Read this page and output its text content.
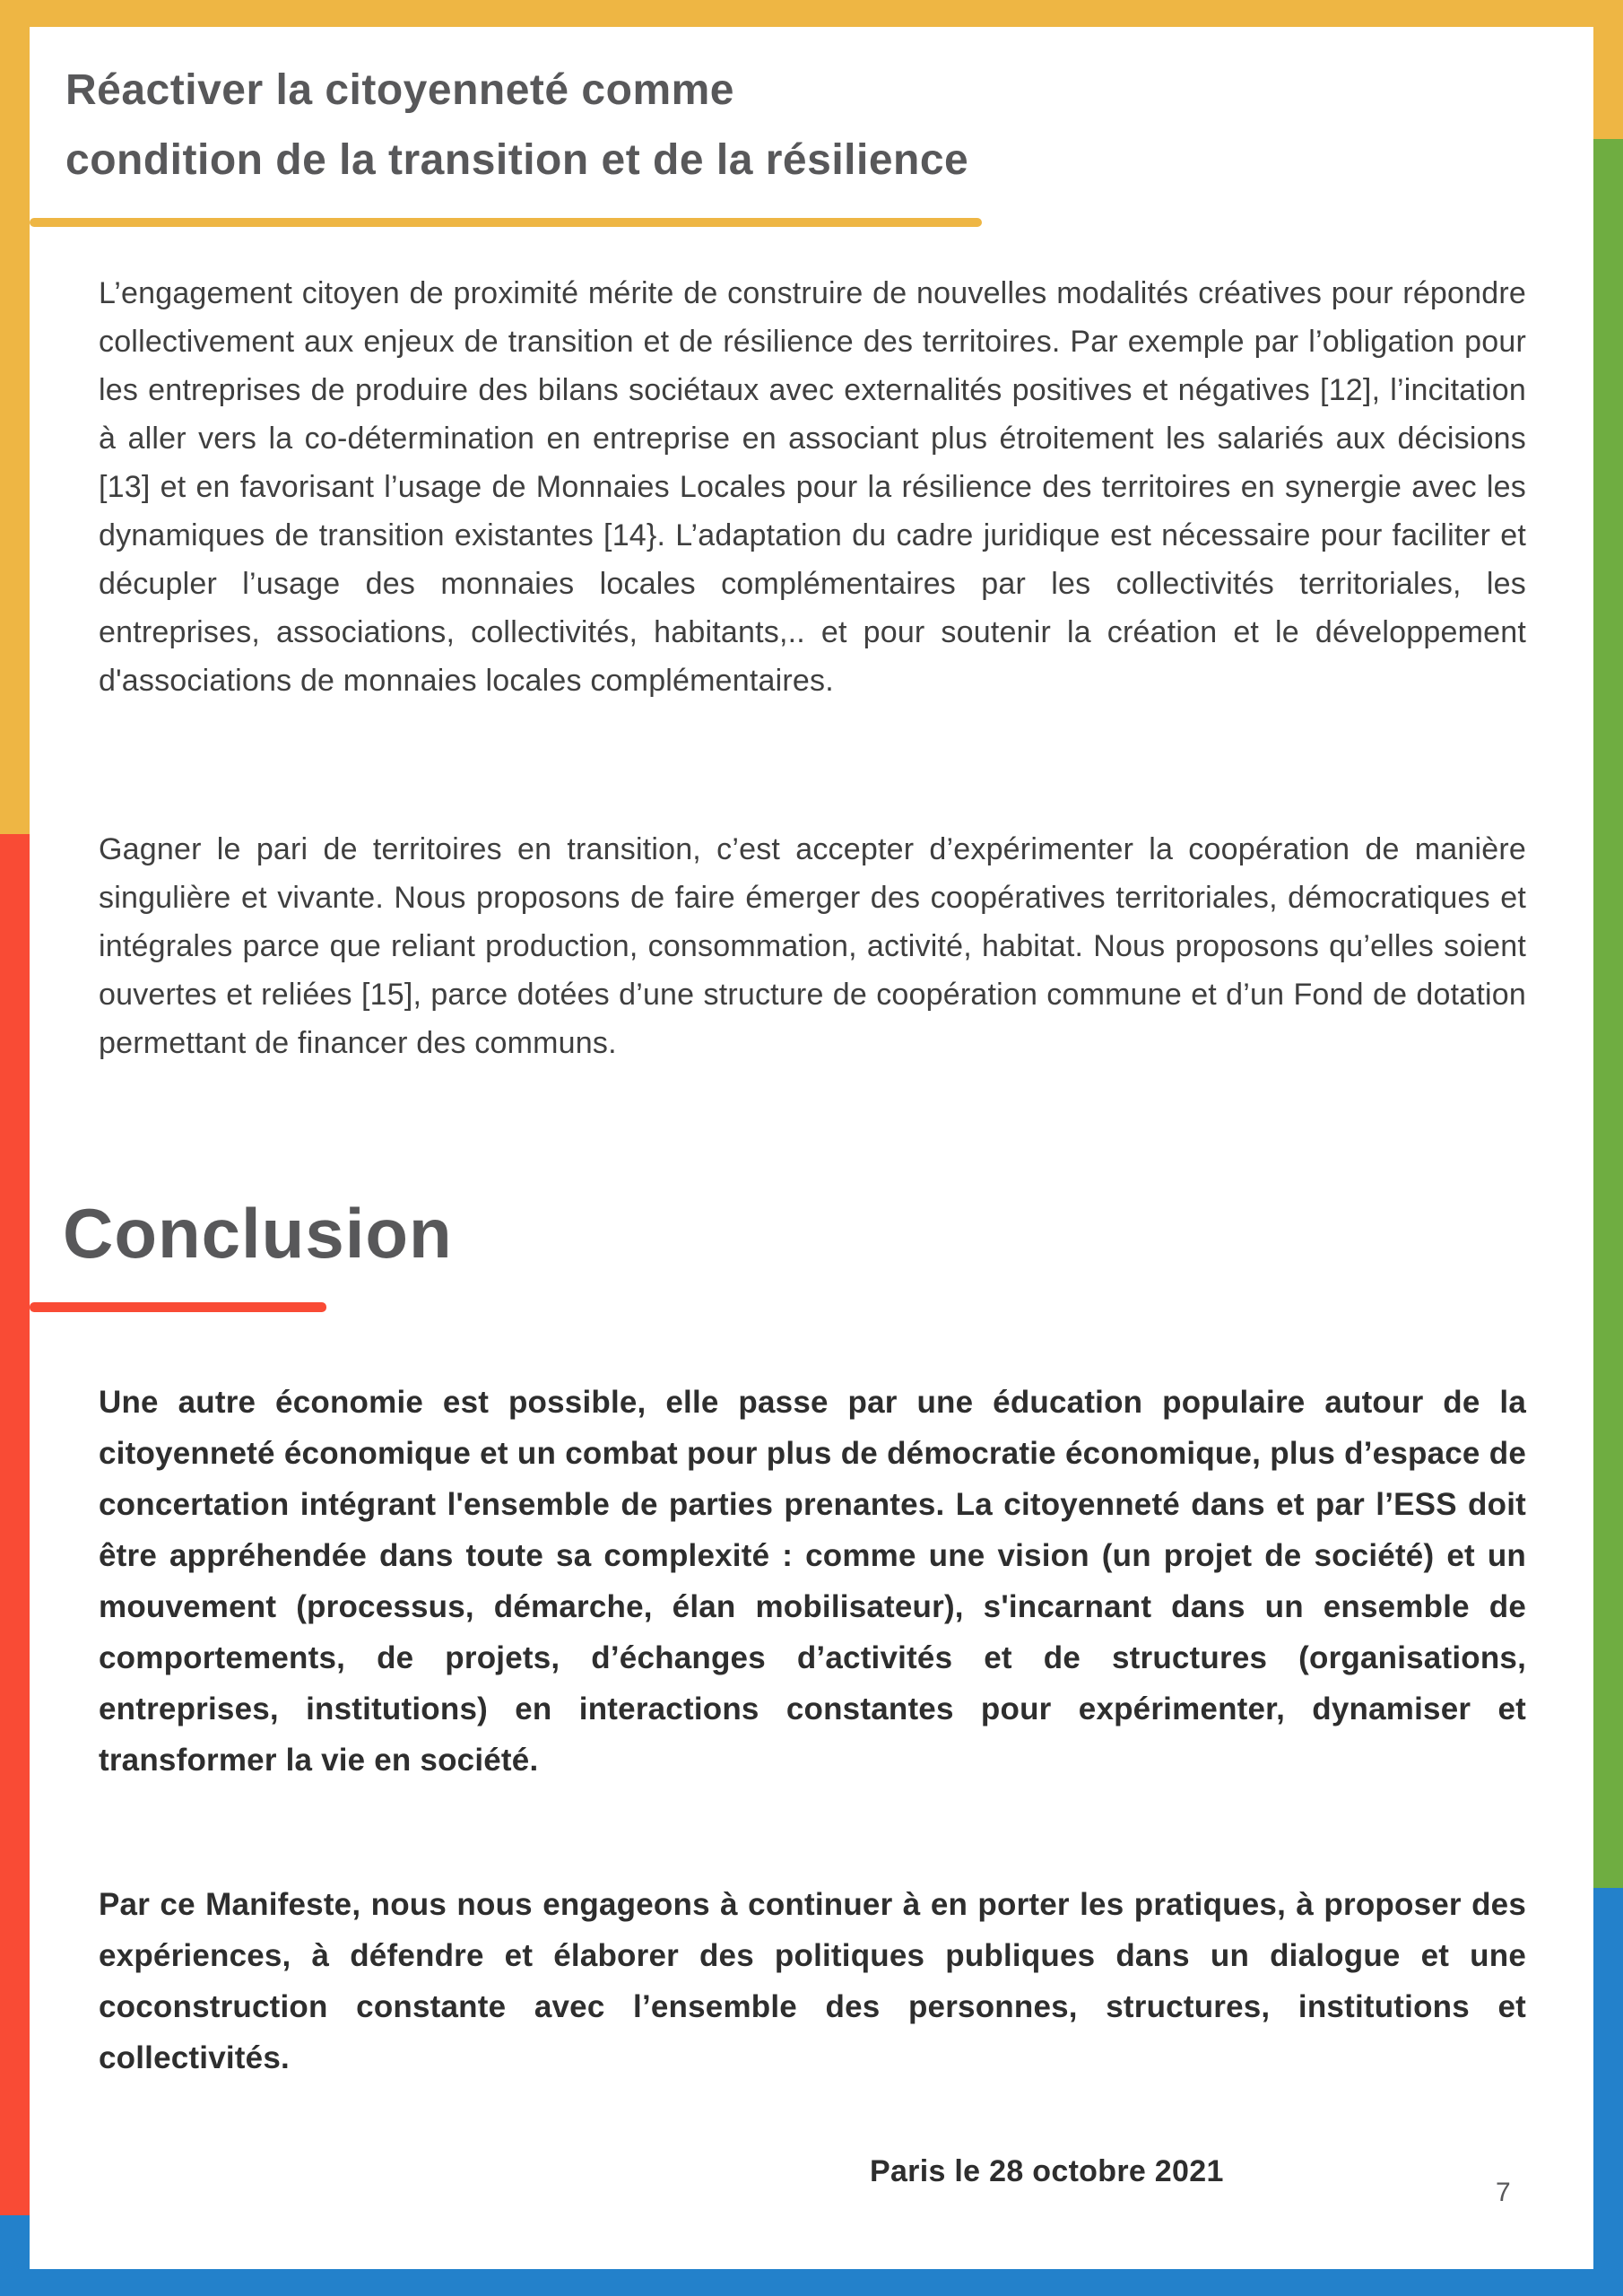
Réactiver la citoyenneté comme
condition de la transition et de la résilience

L’engagement citoyen de proximité mérite de construire de nouvelles modalités créatives pour répondre collectivement aux enjeux de transition et de résilience des territoires. Par exemple par l’obligation pour les entreprises de produire des bilans sociétaux avec externalités positives et négatives [12], l’incitation à aller vers la co-détermination en entreprise en associant plus étroitement les salariés aux décisions [13] et en favorisant l’usage de Monnaies Locales pour la résilience des territoires en synergie avec les dynamiques de transition existantes [14}. L’adaptation du cadre juridique est nécessaire pour faciliter et décupler l’usage des monnaies locales complémentaires par les collectivités territoriales, les entreprises, associations, collectivités, habitants,.. et pour soutenir la création et le développement d'associations de monnaies locales complémentaires.

Gagner le pari de territoires en transition, c’est accepter d’expérimenter la coopération de manière singulière et vivante. Nous proposons de faire émerger des coopératives territoriales, démocratiques et intégrales parce que reliant production, consommation, activité, habitat. Nous proposons qu’elles soient ouvertes et reliées [15], parce dotées d’une structure de coopération commune et d’un Fond de dotation permettant de financer des communs.

Conclusion

Une autre économie est possible, elle passe par une éducation populaire autour de la citoyenneté économique et un combat pour plus de démocratie économique, plus d’espace de concertation intégrant l'ensemble de parties prenantes. La citoyenneté dans et par l’ESS doit être appréhendée dans toute sa complexité : comme une vision (un projet de société) et un mouvement (processus, démarche, élan mobilisateur), s'incarnant dans un ensemble de comportements, de projets, d’échanges d’activités et de structures (organisations, entreprises, institutions) en interactions constantes pour expérimenter, dynamiser et transformer la vie en société.

Par ce Manifeste, nous nous engageons à continuer à en porter les pratiques, à proposer des expériences, à défendre et élaborer des politiques publiques dans un dialogue et une coconstruction constante avec l’ensemble des personnes, structures, institutions et collectivités.

Paris le 28 octobre 2021
7
